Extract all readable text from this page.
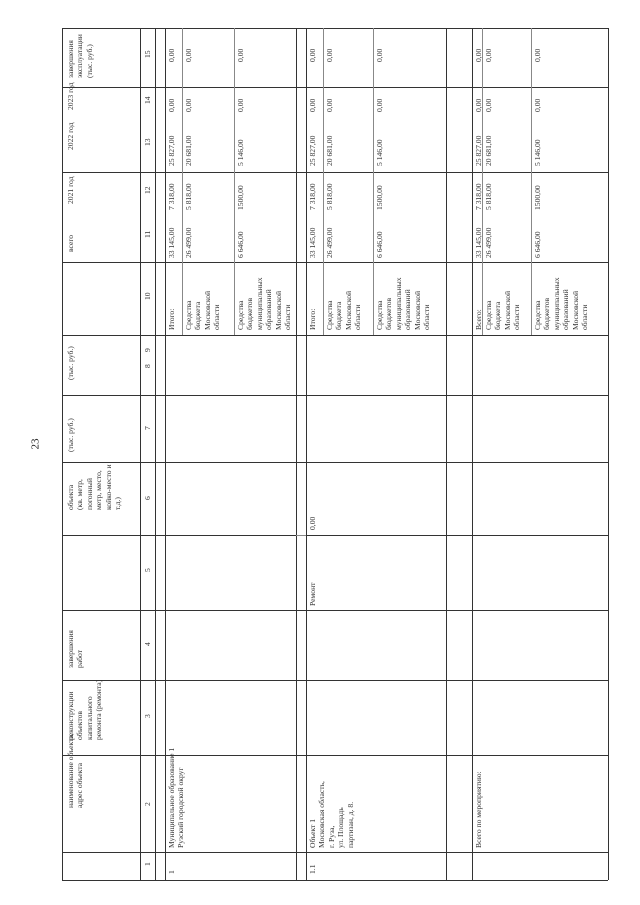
23
наименование объекта, адрес объекта
реконструкции объектов капитального ремонта (ремонта)
завершения работ
объекта (кв. метр, погонный метр, место, койко-место и т.д.)
(тыс. руб.)
(тыс. руб.)
всего
2021 год
2022 год
2023 год
завершения эксплуатации (тыс. руб.)
1
2
3
4
5
6
7
8
9
10
11
12
13
14
15
1
Муниципальное образование 1 Рузский городской округ
Итого:
33 145,00
7 318,00
25 827,00
0,00
0,00
Средства бюджета Московской области
26 499,00
5 818,00
20 681,00
0,00
0,00
Средства бюджетов муниципальных образований Московской области
6 646,00
1500,00
5 146,00
0,00
0,00
1.1
Объект 1 Московская область, г. Руза, ул. Площадь партизан, д. 8.
Ремонт
0,00
Итого:
33 145,00
7 318,00
25 827,00
0,00
0,00
Средства бюджета Московской области
26 499,00
5 818,00
20 681,00
0,00
0,00
Средства бюджетов муниципальных образований Московской области
6 646,00
1500,00
5 146,00
0,00
0,00
Всего по мероприятию:
Всего:
33 145,00
7 318,00
25 827,00
0,00
0,00
Средства бюджета Московской области
26 499,00
5 818,00
20 681,00
0,00
0,00
Средства бюджетов муниципальных образований Московской области
6 646,00
1500,00
5 146,00
0,00
0,00
